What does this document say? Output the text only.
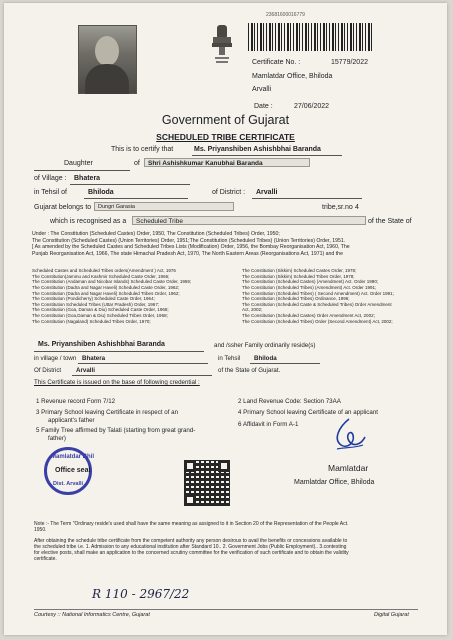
23681600016779
Certificate No. :	15779/2022
Mamlatdar Office, Bhiloda
Arvalli
Date :	27/06/2022
Government of Gujarat
SCHEDULED TRIBE CERTIFICATE
This is to certify that	Ms. Priyanshiben Ashishbhai Baranda
Daughter	of	Shri Ashishkumar Kanubhai Baranda
of Village : Bhatera
in Tehsil of	Bhiloda	of District : Arvalli
Gujarat belongs to	Dungri Garasia	tribe,sr.no 4
which is recognised as a	Scheduled Tribe	of the State of
Under : The Constitution (Scheduled Castes) Order, 1950, The Constitution (Scheduled Tribes) Order, 1950;
The Constitution (Scheduled Castes) (Union Territories) Order, 1951;The Constitution (Scheduled Tribes) (Union Territories) Order, 1951.
[ As amended by the Scheduled Castes and Scheduled Tribes Lists (Modification) Order, 1956, the Bombay Reorganisation Act, 1960, The
Punjab Reorganisation Act, 1966, The state Himachal Pradesh Act, 1970, The North Eastern Areas (Reorganisations Act, 1971) and the
Scheduled Castes and Scheduled Tribes orders(Amendment ) Act, 1976
The Constitution(Jammu and Kashmir Scheduled Caste Order, 1966;
The Constitution (Andaman and Nicobar Islands) Scheduled Caste Order, 1959;
The Constitution (Dadra and Nagar Haveli) Scheduled Caste Order, 1962;
The Constitution (Dadra and Nagar Haveli) Scheduled Tribes Order, 1962;
The Constitution (Pondicherry) Scheduled Caste Order, 1964;
The Constitution Scheduled Tribes (Uttar Pradesh) Order, 1967;
The Constitution (Goa, Daman & Diu) Scheduled Caste Order, 1968;
The Constitution (Goa,Daman & Diu) Scheduled Tribes Order, 1968;
The Constitution (Nagaland) Scheduled Tribes Order, 1970;
The Constitution (Sikkim) Scheduled Castes Order, 1978;
The Constitution (Sikkim) Scheduled Tribes Order, 1978;
The Constitution (Scheduled Castes) (Amendment) Act. Order 1990;
The Constitution (Scheduled Tribes) (Amendment) Act. Order 1991;
The Constitution (Scheduled Tribes) ( Second Amendment) Act. Order 1991;
The Constitution (Scheduled Tribes) Ordinance, 1996;
The Constitution (Scheduled Caste & Scheduled Tribes) Order Amendment
Act, 2002;
The Constitution (Scheduled Castes) Order Amendment Act, 2002;
The Constitution (Scheduled Tribes) Order (Second Amendment) Act, 2002;
Ms. Priyanshiben Ashishbhai Baranda	and /ssher Family ordinarily reside(s)
in village / town Bhatera	in Tehsil Bhiloda
Of District Arvalli	of the State of Gujarat.
This Certificate is issued on the base of following credential :
1 Revenue record Form 7/12	2 Land Revenue Code: Section 73AA
3 Primary School leaving Certificate in respect of an
applicant's father
4 Primary School leaving Certificate of an applicant
5 Family Tree affirmed by Talati (starting from great grand-
father)
6 Affidavit in Form A-1
Mamlatdar Bhil
Office seal
Dist. Arvalli
Mamlatdar
Mamlatdar Office, Bhiloda
Note :- The Term "Ordinary reside's used shall have the same meaning as assigned to it in Section 20 of the Representation of the People Act.
1950.
After obtaining the schedule tribe certificate from the competent authority any person desirous to avail the benefits or concessions available to
the scheduled tribe i.e. 1. Admission to any educational institution after Standard 10.. 2. Government Jobs (Public Employment).. 3.contesting
for elective posts, shall make an application to the concerned scrutiny committee for the verification of such certificate and to obtain the validity
certificate.
R 110 - 2967/22
Courtesy :: National Informatics Centre, Gujarat	Digital Gujarat
